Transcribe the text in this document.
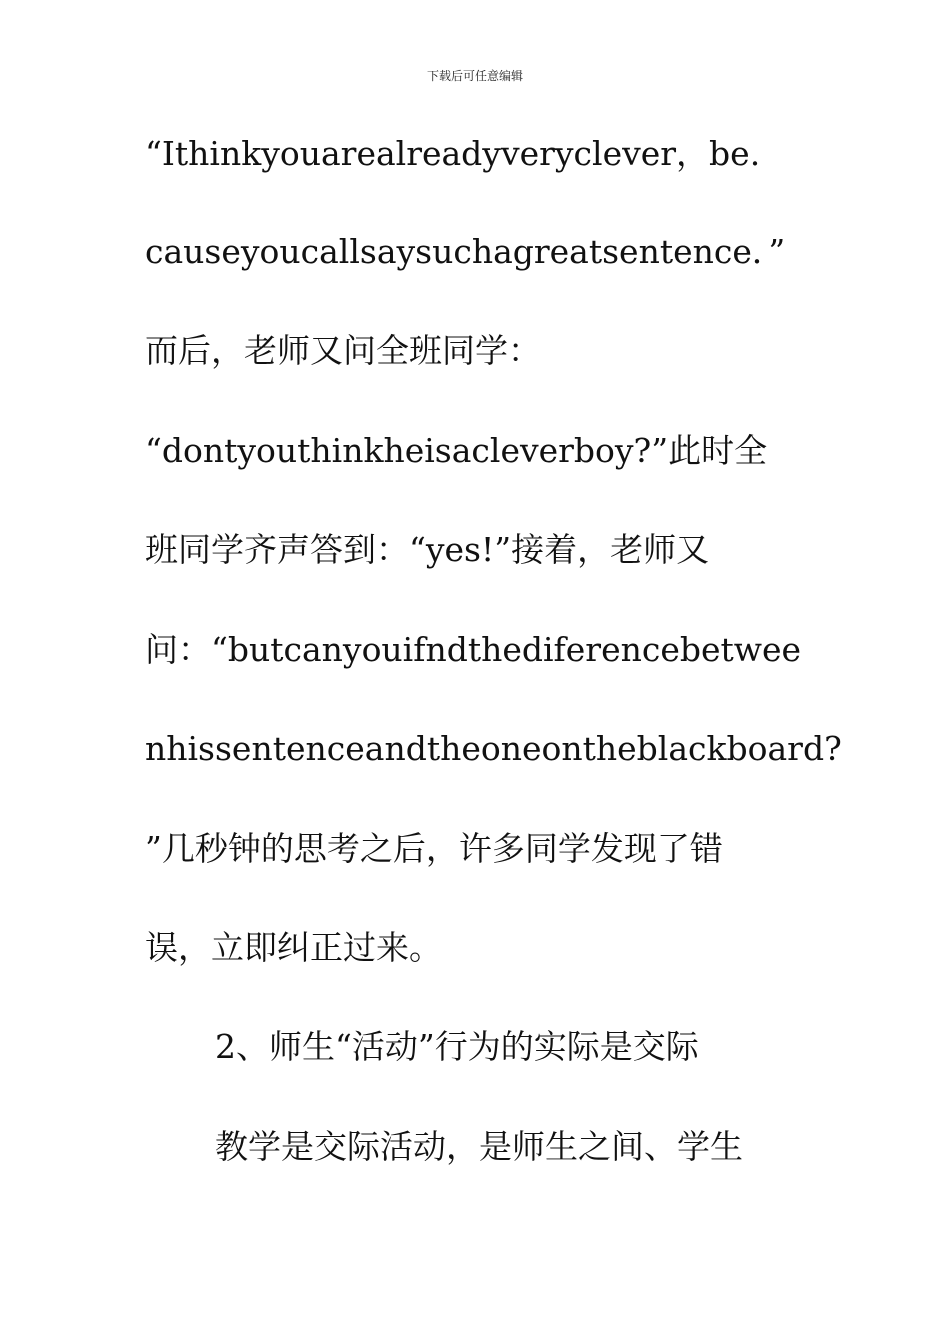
下载后可任意编辑
“Ithinkyouarealreadyveryclever，be.
causeyoucallsaysuchagreatsentence．”
而后，老师又问全班同学：
“dontyouthinkheisacleverboy?”此时全
班同学齐声答到：“yes!”接着，老师又
问：“butcanyouifndthediferencebetwee
nhissentenceandtheoneontheblackboard?
”几秒钟的思考之后，许多同学发现了错
误，立即纠正过来。
2、师生“活动”行为的实际是交际
教学是交际活动，是师生之间、学生
